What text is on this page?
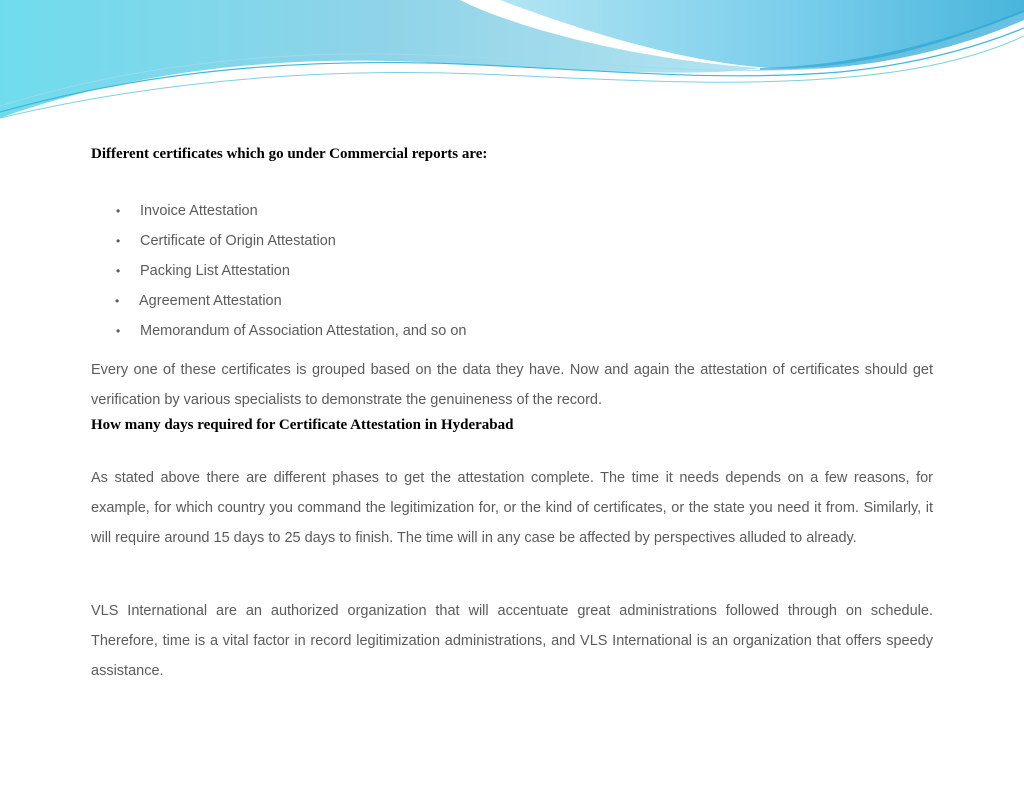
Different certificates which go under Commercial reports are:
• Invoice Attestation
• Certificate of Origin Attestation
• Packing List Attestation
• Agreement Attestation
• Memorandum of Association Attestation, and so on

Every one of these certificates is grouped based on the data they have. Now and again the attestation of certificates should get verification by various specialists to demonstrate the genuineness of the record.

How many days required for Certificate Attestation in Hyderabad

As stated above there are different phases to get the attestation complete. The time it needs depends on a few reasons, for example, for which country you command the legitimization for, or the kind of certificates, or the state you need it from. Similarly, it will require around 15 days to 25 days to finish. The time will in any case be affected by perspectives alluded to already.

VLS International are an authorized organization that will accentuate great administrations followed through on schedule. Therefore, time is a vital factor in record legitimization administrations, and VLS International is an organization that offers speedy assistance.
